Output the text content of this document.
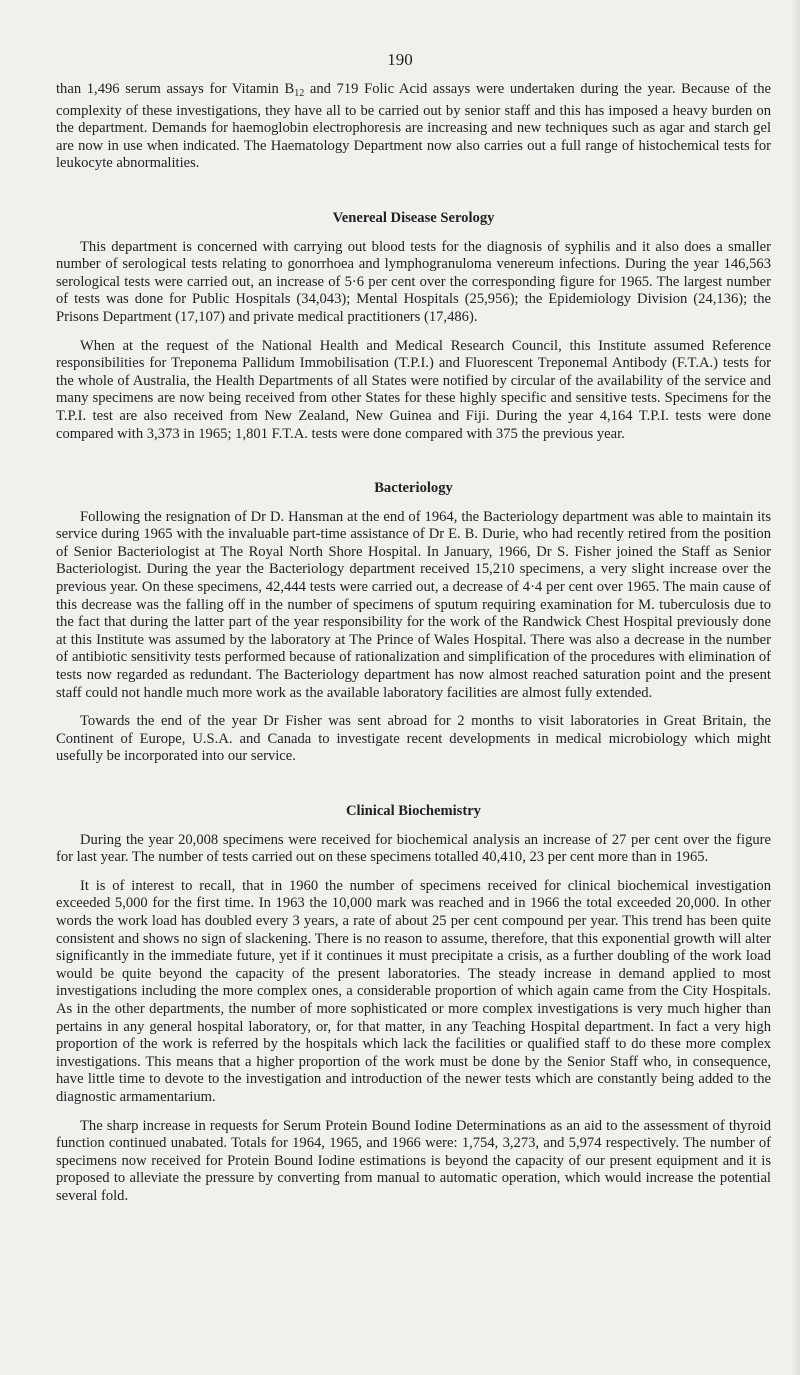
190

than 1,496 serum assays for Vitamin $B_{12}$ and 719 Folic Acid assays were undertaken during the year. Because of the complexity of these investigations, they have all to be carried out by senior staff and this has imposed a heavy burden on the department. Demands for haemoglobin electrophoresis are increasing and new techniques such as agar and starch gel are now in use when indicated. The Haematology Department now also carries out a full range of histochemical tests for leukocyte abnormalities.

Venereal Disease Serology

This department is concerned with carrying out blood tests for the diagnosis of syphilis and it also does a smaller number of serological tests relating to gonorrhoea and lymphogranuloma venereum infections. During the year 146,563 serological tests were carried out, an increase of 5·6 per cent over the corresponding figure for 1965. The largest number of tests was done for Public Hospitals (34,043); Mental Hospitals (25,956); the Epidemiology Division (24,136); the Prisons Department (17,107) and private medical practitioners (17,486).

When at the request of the National Health and Medical Research Council, this Institute assumed Reference responsibilities for Treponema Pallidum Immobilisation (T.P.I.) and Fluorescent Treponemal Antibody (F.T.A.) tests for the whole of Australia, the Health Departments of all States were notified by circular of the availability of the service and many specimens are now being received from other States for these highly specific and sensitive tests. Specimens for the T.P.I. test are also received from New Zealand, New Guinea and Fiji. During the year 4,164 T.P.I. tests were done compared with 3,373 in 1965; 1,801 F.T.A. tests were done compared with 375 the previous year.

Bacteriology

Following the resignation of Dr D. Hansman at the end of 1964, the Bacteriology department was able to maintain its service during 1965 with the invaluable part-time assistance of Dr E. B. Durie, who had recently retired from the position of Senior Bacteriologist at The Royal North Shore Hospital. In January, 1966, Dr S. Fisher joined the Staff as Senior Bacteriologist. During the year the Bacteriology department received 15,210 specimens, a very slight increase over the previous year. On these specimens, 42,444 tests were carried out, a decrease of 4·4 per cent over 1965. The main cause of this decrease was the falling off in the number of specimens of sputum requiring examination for M. tuberculosis due to the fact that during the latter part of the year responsibility for the work of the Randwick Chest Hospital previously done at this Institute was assumed by the laboratory at The Prince of Wales Hospital. There was also a decrease in the number of antibiotic sensitivity tests performed because of rationalization and simplification of the procedures with elimination of tests now regarded as redundant. The Bacteriology department has now almost reached saturation point and the present staff could not handle much more work as the available laboratory facilities are almost fully extended.

Towards the end of the year Dr Fisher was sent abroad for 2 months to visit laboratories in Great Britain, the Continent of Europe, U.S.A. and Canada to investigate recent developments in medical microbiology which might usefully be incorporated into our service.

Clinical Biochemistry

During the year 20,008 specimens were received for biochemical analysis an increase of 27 per cent over the figure for last year. The number of tests carried out on these specimens totalled 40,410, 23 per cent more than in 1965.

It is of interest to recall, that in 1960 the number of specimens received for clinical biochemical investigation exceeded 5,000 for the first time. In 1963 the 10,000 mark was reached and in 1966 the total exceeded 20,000. In other words the work load has doubled every 3 years, a rate of about 25 per cent compound per year. This trend has been quite consistent and shows no sign of slackening. There is no reason to assume, therefore, that this exponential growth will alter significantly in the immediate future, yet if it continues it must precipitate a crisis, as a further doubling of the work load would be quite beyond the capacity of the present laboratories. The steady increase in demand applied to most investigations including the more complex ones, a considerable proportion of which again came from the City Hospitals. As in the other departments, the number of more sophisticated or more complex investigations is very much higher than pertains in any general hospital laboratory, or, for that matter, in any Teaching Hospital department. In fact a very high proportion of the work is referred by the hospitals which lack the facilities or qualified staff to do these more complex investigations. This means that a higher proportion of the work must be done by the Senior Staff who, in consequence, have little time to devote to the investigation and introduction of the newer tests which are constantly being added to the diagnostic armamentarium.

The sharp increase in requests for Serum Protein Bound Iodine Determinations as an aid to the assessment of thyroid function continued unabated. Totals for 1964, 1965, and 1966 were: 1,754, 3,273, and 5,974 respectively. The number of specimens now received for Protein Bound Iodine estimations is beyond the capacity of our present equipment and it is proposed to alleviate the pressure by converting from manual to automatic operation, which would increase the potential several fold.
